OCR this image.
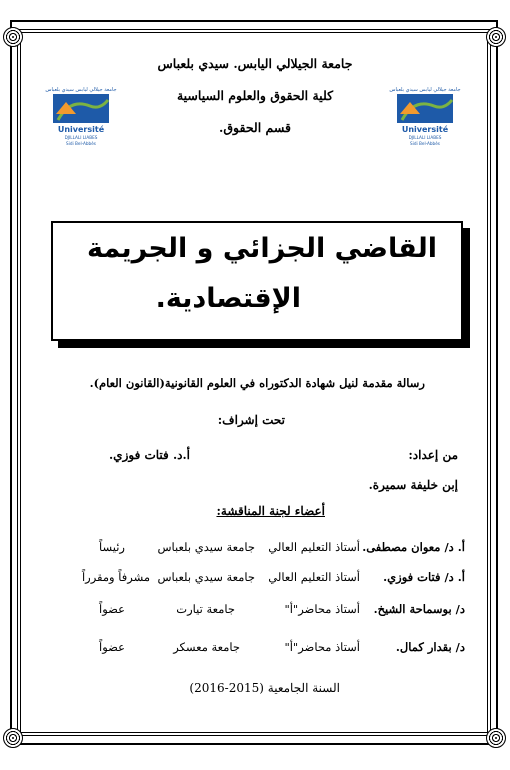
جامعة الجيلالي اليابس. سيدي بلعباس
كلية الحقوق والعلوم السياسية
قسم الحقوق.
جامعة جيلالي ليابس سيدي بلعباس
Université
DJILLALI LIABES
Sidi Bel-Abbès
جامعة جيلالي ليابس سيدي بلعباس
Université
DJILLALI LIABES
Sidi Bel-Abbès
القاضي الجزائي و الجريمة
الإقتصادية.
رسالة مقدمة لنيل شهادة الدكتوراه في العلوم القانونية(القانون العام).
تحت إشراف:
من إعداد:
أ.د. فتات فوزي.
إبن خليفة سميرة.
أعضاء لجنة المناقشة:
أ. د/ معوان مصطفى.
أستاذ التعليم العالي
جامعة سيدي بلعباس
رئيساً
أ. د/ فتات فوزي.
أستاذ التعليم العالي
جامعة سيدي بلعباس
مشرفاً ومقرراً
د/ بوسماحة الشيخ.
أستاذ محاضر"أ"
جامعة تيارت
عضواً
د/ بقدار كمال.
أستاذ محاضر"أ"
جامعة معسكر
عضواً
السنة الجامعية (2015-2016)
